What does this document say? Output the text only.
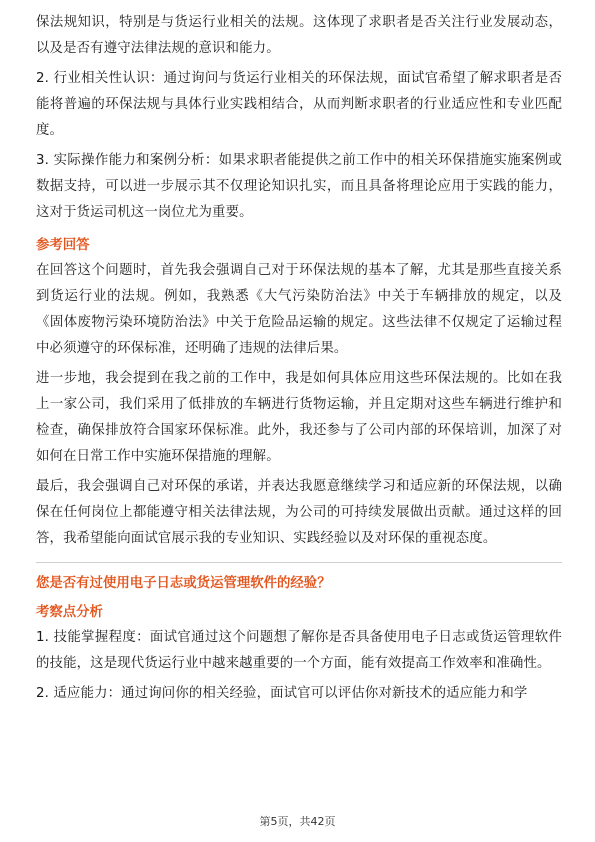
保法规知识，特别是与货运行业相关的法规。这体现了求职者是否关注行业发展动态，以及是否有遵守法律法规的意识和能力。

2. 行业相关性认识：通过询问与货运行业相关的环保法规，面试官希望了解求职者是否能将普遍的环保法规与具体行业实践相结合，从而判断求职者的行业适应性和专业匹配度。

3. 实际操作能力和案例分析：如果求职者能提供之前工作中的相关环保措施实施案例或数据支持，可以进一步展示其不仅理论知识扎实，而且具备将理论应用于实践的能力，这对于货运司机这一岗位尤为重要。

参考回答

在回答这个问题时，首先我会强调自己对于环保法规的基本了解，尤其是那些直接关系到货运行业的法规。例如，我熟悉《大气污染防治法》中关于车辆排放的规定，以及《固体废物污染环境防治法》中关于危险品运输的规定。这些法律不仅规定了运输过程中必须遵守的环保标准，还明确了违规的法律后果。

进一步地，我会提到在我之前的工作中，我是如何具体应用这些环保法规的。比如在我上一家公司，我们采用了低排放的车辆进行货物运输，并且定期对这些车辆进行维护和检查，确保排放符合国家环保标准。此外，我还参与了公司内部的环保培训，加深了对如何在日常工作中实施环保措施的理解。

最后，我会强调自己对环保的承诺，并表达我愿意继续学习和适应新的环保法规，以确保在任何岗位上都能遵守相关法律法规，为公司的可持续发展做出贡献。通过这样的回答，我希望能向面试官展示我的专业知识、实践经验以及对环保的重视态度。

您是否有过使用电子日志或货运管理软件的经验？
考察点分析

1. 技能掌握程度：面试官通过这个问题想了解你是否具备使用电子日志或货运管理软件的技能，这是现代货运行业中越来越重要的一个方面，能有效提高工作效率和准确性。

2. 适应能力：通过询问你的相关经验，面试官可以评估你对新技术的适应能力和学

第5页，共42页
